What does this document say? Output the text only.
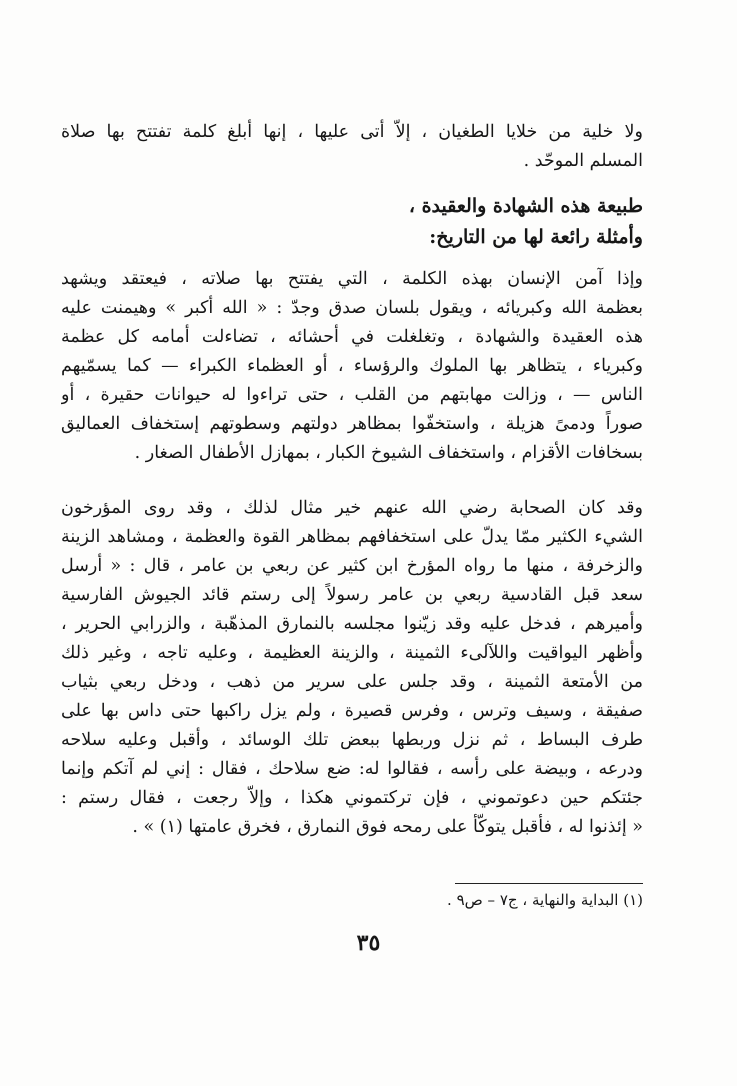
ولا خلية من خلايا الطغيان ، إلاّ أتى عليها ، إنها أبلغ كلمة تفتتح بها صلاة
المسلم الموحّد .
طبيعة هذه الشهادة والعقيدة ،
وأمثلة رائعة لها من التاريخ:
وإذا آمن الإنسان بهذه الكلمة ، التي يفتتح بها صلاته ، فيعتقد ويشهد
بعظمة الله وكبريائه ، ويقول بلسان صدق وجدّ : « الله أكبر » وهيمنت عليه
هذه العقيدة والشهادة ، وتغلغلت في أحشائه ، تضاءلت أمامه كل عظمة
وكبرياء ، يتظاهر بها الملوك والرؤساء ، أو العظماء الكبراء — كما يسمّيهم
الناس — ، وزالت مهابتهم من القلب ، حتى تراءوا له حيوانات حقيرة ، أو
صوراً ودمىً هزيلة ، واستخفّوا بمظاهر دولتهم وسطوتهم إستخفاف العماليق
بسخافات الأقزام ، واستخفاف الشيوخ الكبار ، بمهازل الأطفال الصغار .
وقد كان الصحابة رضي الله عنهم خير مثال لذلك ، وقد روى المؤرخون
الشيء الكثير ممّا يدلّ على استخفافهم بمظاهر القوة والعظمة ، ومشاهد الزينة
والزخرفة ، منها ما رواه المؤرخ ابن كثير عن ربعي بن عامر ، قال : « أرسل
سعد قبل القادسية ربعي بن عامر رسولاً إلى رستم قائد الجيوش الفارسية
وأميرهم ، فدخل عليه وقد زيّنوا مجلسه بالنمارق المذهّبة ، والزرابي الحرير ،
وأظهر اليواقيت واللآلىء الثمينة ، والزينة العظيمة ، وعليه تاجه ، وغير ذلك
من الأمتعة الثمينة ، وقد جلس على سرير من ذهب ، ودخل ربعي بثياب
صفيقة ، وسيف وترس ، وفرس قصيرة ، ولم يزل راكبها حتى داس بها على
طرف البساط ، ثم نزل وربطها ببعض تلك الوسائد ، وأقبل وعليه سلاحه
ودرعه ، وبيضة على رأسه ، فقالوا له: ضع سلاحك ، فقال : إني لم آتكم وإنما
جئتكم حين دعوتموني ، فإن تركتموني هكذا ، وإلاّ رجعت ، فقال رستم :
« إئذنوا له ، فأقبل يتوكّأ على رمحه فوق النمارق ، فخرق عامتها (١) » .
(١) البداية والنهاية ، ج٧ – ص٩ .
٣٥
